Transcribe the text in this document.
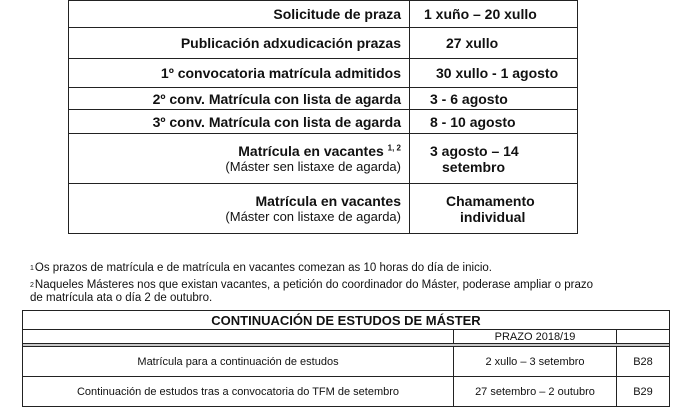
Solicitude de praza	1 xuño – 20 xullo
Publicación adxudicación prazas	27 xullo
1º convocatoria matrícula admitidos	30 xullo - 1 agosto
2º conv. Matrícula con lista de agarda	3 - 6 agosto
3º conv. Matrícula con lista de agarda	8 - 10 agosto

Matrícula en vacantes $^{1, 2}$
(Máster sen listaxe de agarda)	3 agosto – 14
setembro

Matrícula en vacantes
(Máster con listaxe de agarda)	Chamamento
individual
$^1$Os prazos de matrícula e de matrícula en vacantes comezan as 10 horas do día de inicio.
$^2$Naqueles Másteres nos que existan vacantes, a petición do coordinador do Máster, poderase ampliar o prazo
de matrícula ata o día 2 de outubro.
CONTINUACIÓN DE ESTUDOS DE MÁSTER		
	PRAZO 2018/19	

Matrícula para a continuación de estudos	2 xullo – 3 setembro	B28
Continuación de estudos tras a convocatoria do TFM de setembro	27 setembro – 2 outubro	B29
